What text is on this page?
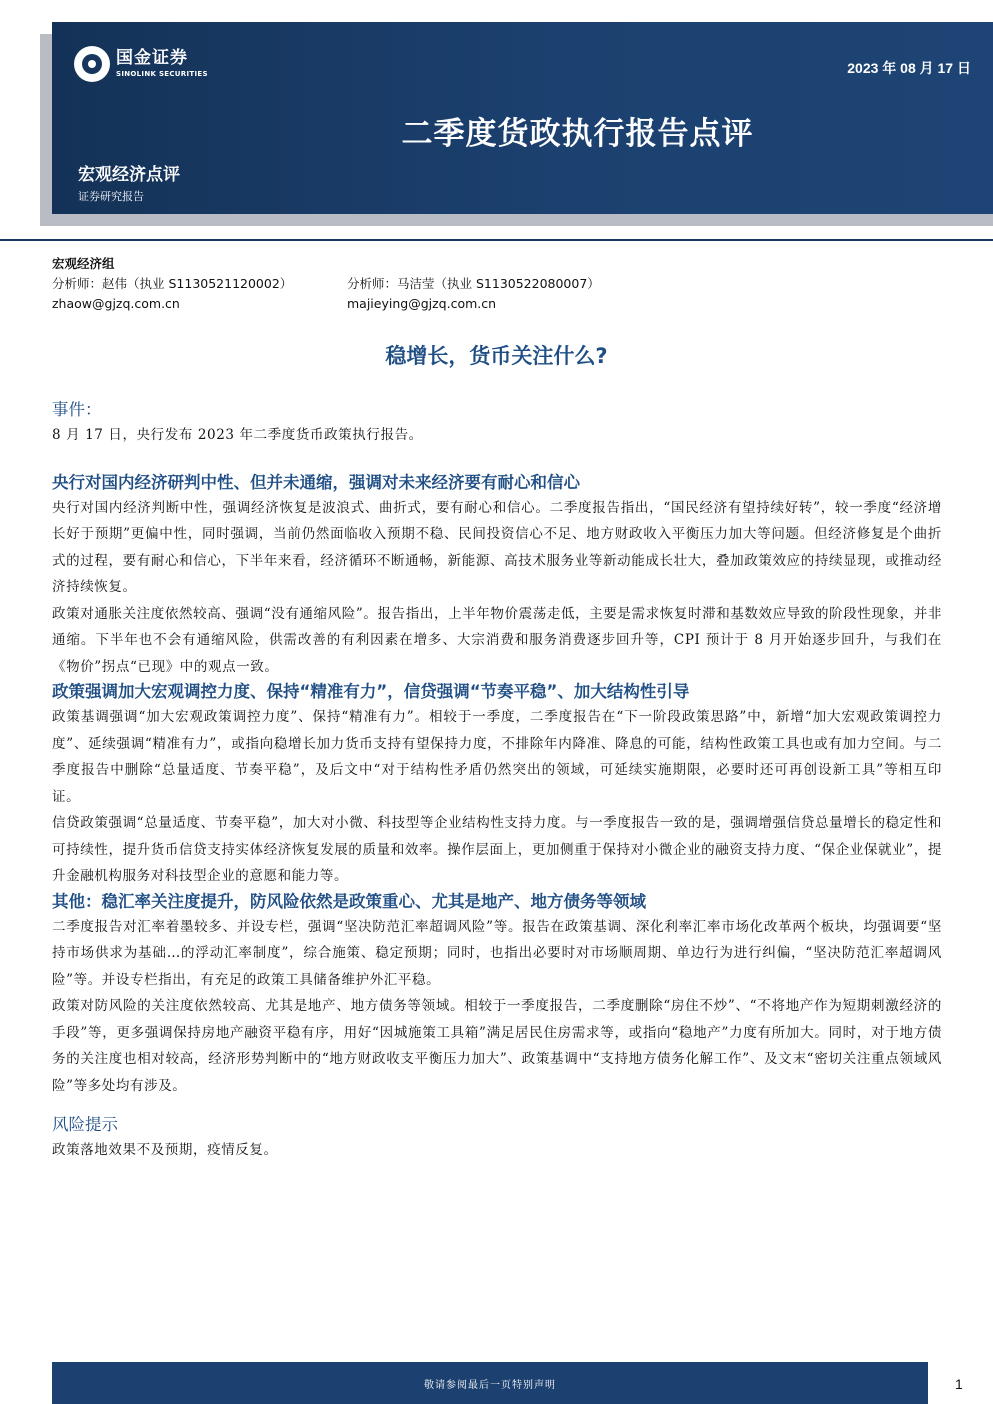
国金证券
SINOLINK SECURITIES	2023 年 08 月 17 日
二季度货政执行报告点评
宏观经济点评
证券研究报告
宏观经济组
分析师：赵伟（执业 S1130521120002）	分析师：马洁莹（执业 S1130522080007）
zhaow@gjzq.com.cn	majieying@gjzq.com.cn
稳增长，货币关注什么?
事件：

8 月 17 日，央行发布 2023 年二季度货币政策执行报告。

央行对国内经济研判中性、但并未通缩，强调对未来经济要有耐心和信心

央行对国内经济判断中性，强调经济恢复是波浪式、曲折式，要有耐心和信心。二季度报告指出，“国民经济有望持续好转”，较一季度“经济增长好于预期”更偏中性，同时强调，当前仍然面临收入预期不稳、民间投资信心不足、地方财政收入平衡压力加大等问题。但经济修复是个曲折式的过程，要有耐心和信心，下半年来看，经济循环不断通畅，新能源、高技术服务业等新动能成长壮大，叠加政策效应的持续显现，或推动经济持续恢复。

政策对通胀关注度依然较高、强调“没有通缩风险”。报告指出，上半年物价震荡走低，主要是需求恢复时滞和基数效应导致的阶段性现象，并非通缩。下半年也不会有通缩风险，供需改善的有利因素在增多、大宗消费和服务消费逐步回升等，CPI 预计于 8 月开始逐步回升，与我们在《物价”拐点“已现》中的观点一致。

政策强调加大宏观调控力度、保持“精准有力”，信贷强调“节奏平稳”、加大结构性引导

政策基调强调“加大宏观政策调控力度”、保持“精准有力”。相较于一季度，二季度报告在“下一阶段政策思路”中，新增“加大宏观政策调控力度”、延续强调“精准有力”，或指向稳增长加力货币支持有望保持力度，不排除年内降准、降息的可能，结构性政策工具也或有加力空间。与二季度报告中删除“总量适度、节奏平稳”，及后文中“对于结构性矛盾仍然突出的领域，可延续实施期限，必要时还可再创设新工具”等相互印证。

信贷政策强调“总量适度、节奏平稳”，加大对小微、科技型等企业结构性支持力度。与一季度报告一致的是，强调增强信贷总量增长的稳定性和可持续性，提升货币信贷支持实体经济恢复发展的质量和效率。操作层面上，更加侧重于保持对小微企业的融资支持力度、“保企业保就业”，提升金融机构服务对科技型企业的意愿和能力等。

其他：稳汇率关注度提升，防风险依然是政策重心、尤其是地产、地方债务等领域

二季度报告对汇率着墨较多、并设专栏，强调“坚决防范汇率超调风险”等。报告在政策基调、深化利率汇率市场化改革两个板块，均强调要“坚持市场供求为基础…的浮动汇率制度”，综合施策、稳定预期；同时，也指出必要时对市场顺周期、单边行为进行纠偏，“坚决防范汇率超调风险”等。并设专栏指出，有充足的政策工具储备维护外汇平稳。

政策对防风险的关注度依然较高、尤其是地产、地方债务等领域。相较于一季度报告，二季度删除“房住不炒”、“不将地产作为短期刺激经济的手段”等，更多强调保持房地产融资平稳有序，用好“因城施策工具箱”满足居民住房需求等，或指向“稳地产”力度有所加大。同时，对于地方债务的关注度也相对较高，经济形势判断中的“地方财政收支平衡压力加大”、政策基调中“支持地方债务化解工作”、及文末“密切关注重点领域风险”等多处均有涉及。

风险提示

政策落地效果不及预期，疫情反复。

敬请参阅最后一页特别声明	1
